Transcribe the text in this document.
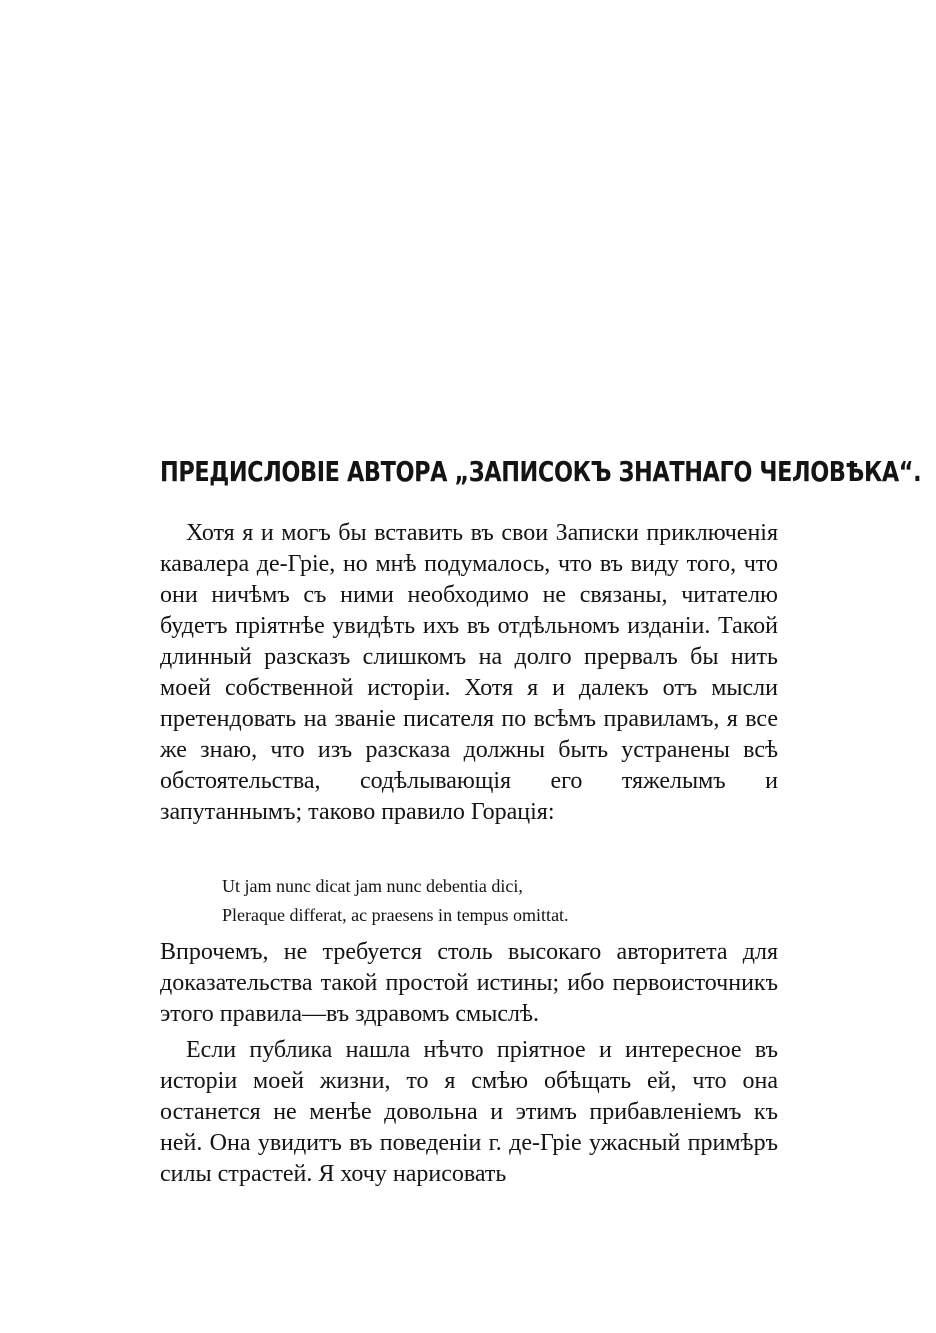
ПРЕДИСЛОВІЕ АВТОРА „ЗАПИСОКЪ ЗНАТНАГО ЧЕЛОВѢКА“.

Хотя я и могъ бы вставить въ свои Записки приключенія кавалера де-Гріе, но мнѣ подумалось, что въ виду того, что они ничѣмъ съ ними необходимо не связаны, читателю будетъ пріятнѣе увидѣть ихъ въ отдѣльномъ изданіи. Такой длинный разсказъ слишкомъ на долго прервалъ бы нить моей собственной исторіи. Хотя я и далекъ отъ мысли претендовать на званіе писателя по всѣмъ правиламъ, я все же знаю, что изъ разсказа должны быть устранены всѣ обстоятельства, содѣлывающія его тяжелымъ и запутаннымъ; таково правило Горація:

Ut jam nunc dicat jam nunc debentia dici,
Pleraque differat, ac praesens in tempus omittat.

Впрочемъ, не требуется столь высокаго авторитета для доказательства такой простой истины; ибо первоисточникъ этого правила—въ здравомъ смыслѣ.

Если публика нашла нѣчто пріятное и интересное въ исторіи моей жизни, то я смѣю обѣщать ей, что она останется не менѣе довольна и этимъ прибавленіемъ къ ней. Она увидитъ въ поведеніи г. де-Гріе ужасный примѣръ силы страстей. Я хочу нарисовать
